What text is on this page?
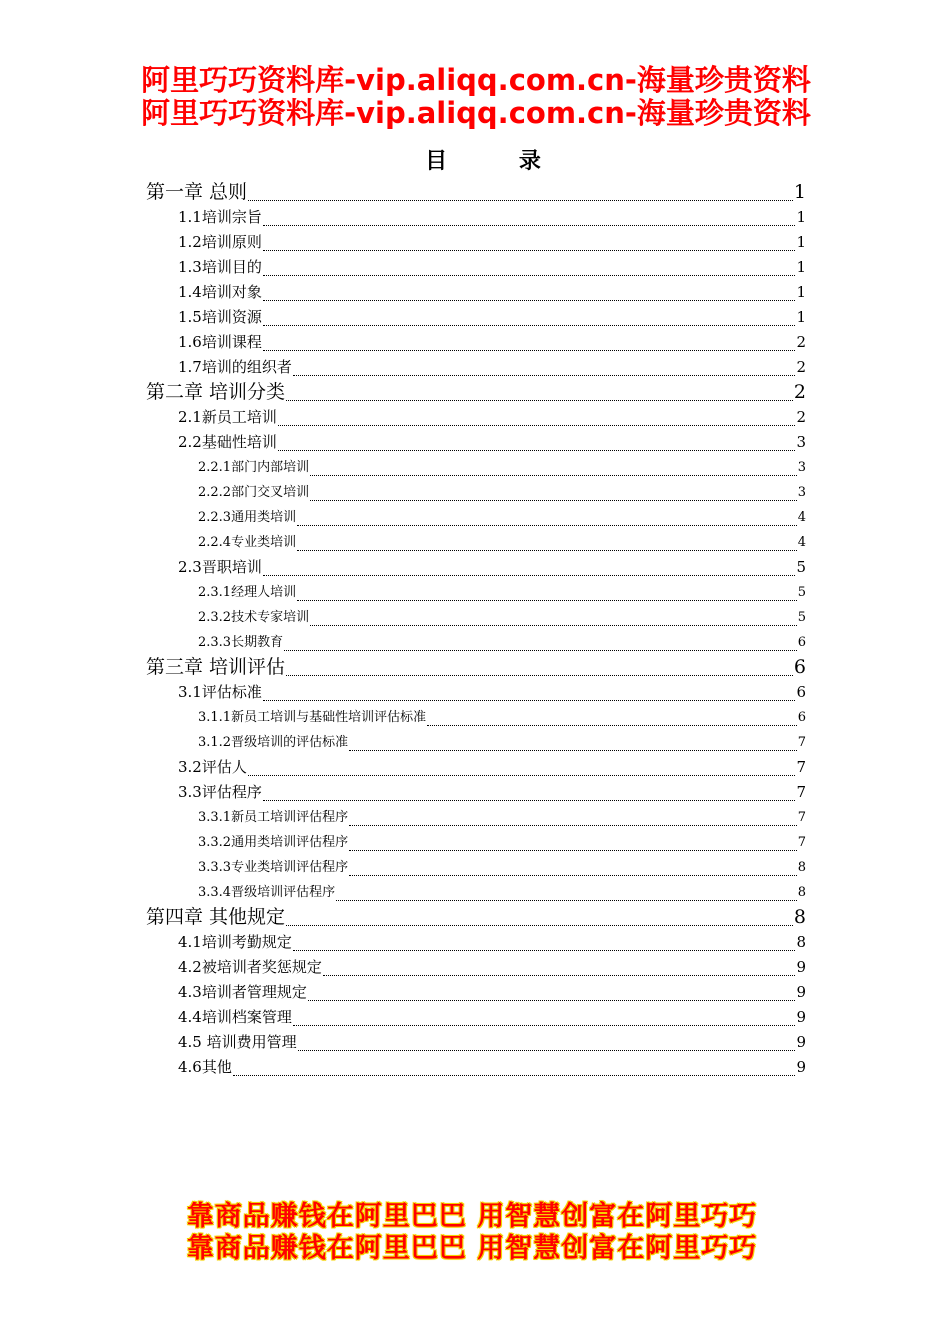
阿里巧巧资料库-vip.aliqq.com.cn-海量珍贵资料
阿里巧巧资料库-vip.aliqq.com.cn-海量珍贵资料
目 录
第一章 总则	1
1.1培训宗旨	1
1.2培训原则	1
1.3培训目的	1
1.4培训对象	1
1.5培训资源	1
1.6培训课程	2
1.7培训的组织者	2
第二章 培训分类	2
2.1新员工培训	2
2.2基础性培训	3
2.2.1部门内部培训	3
2.2.2部门交叉培训	3
2.2.3通用类培训	4
2.2.4专业类培训	4
2.3晋职培训	5
2.3.1经理人培训	5
2.3.2技术专家培训	5
2.3.3长期教育	6
第三章 培训评估	6
3.1评估标准	6
3.1.1新员工培训与基础性培训评估标准	6
3.1.2晋级培训的评估标准	7
3.2评估人	7
3.3评估程序	7
3.3.1新员工培训评估程序	7
3.3.2通用类培训评估程序	7
3.3.3专业类培训评估程序	8
3.3.4晋级培训评估程序	8
第四章 其他规定	8
4.1培训考勤规定	8
4.2被培训者奖惩规定	9
4.3培训者管理规定	9
4.4培训档案管理	9
4.5 培训费用管理	9
4.6其他	9
靠商品赚钱在阿里巴巴 用智慧创富在阿里巧巧
靠商品赚钱在阿里巴巴 用智慧创富在阿里巧巧
